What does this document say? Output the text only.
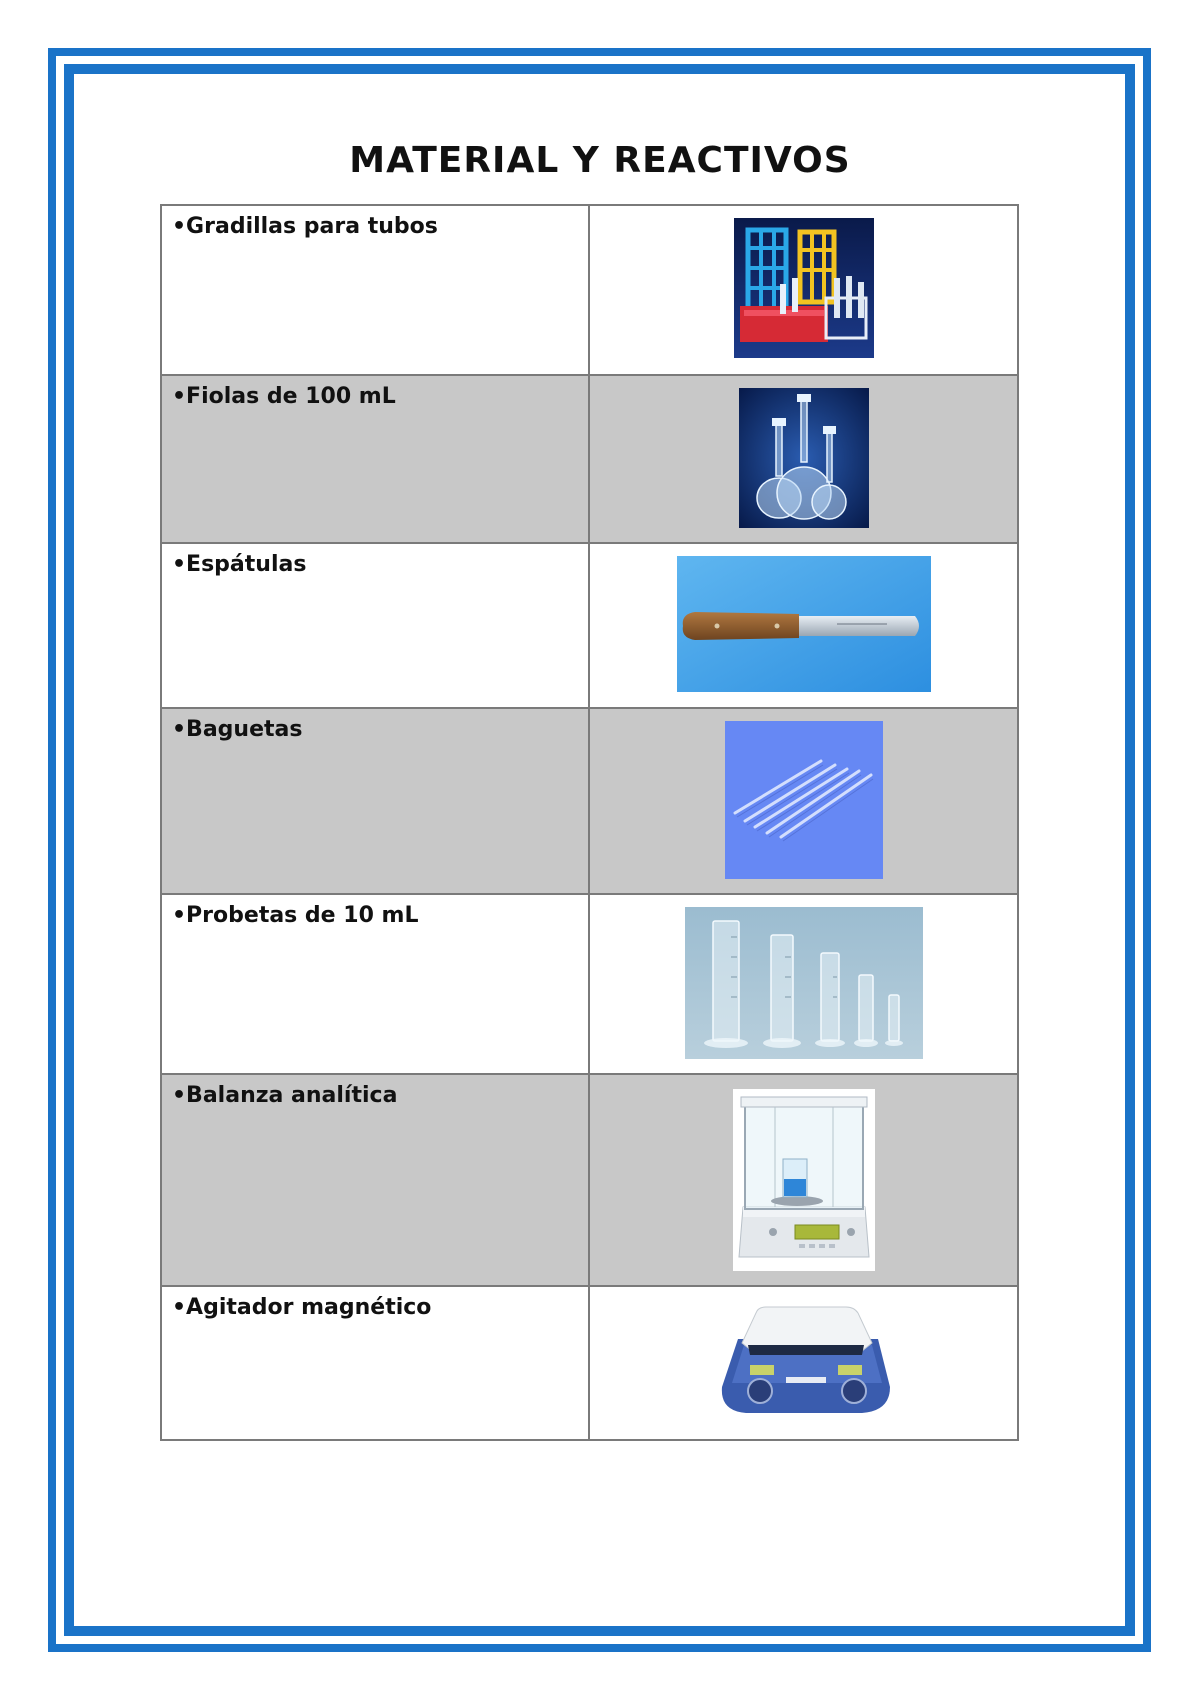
MATERIAL Y REACTIVOS
•Gradillas para tubos	

•Fiolas de 100 mL	

•Espátulas	

•Baguetas	

•Probetas de 10 mL	

•Balanza analítica	

•Agitador magnético	
